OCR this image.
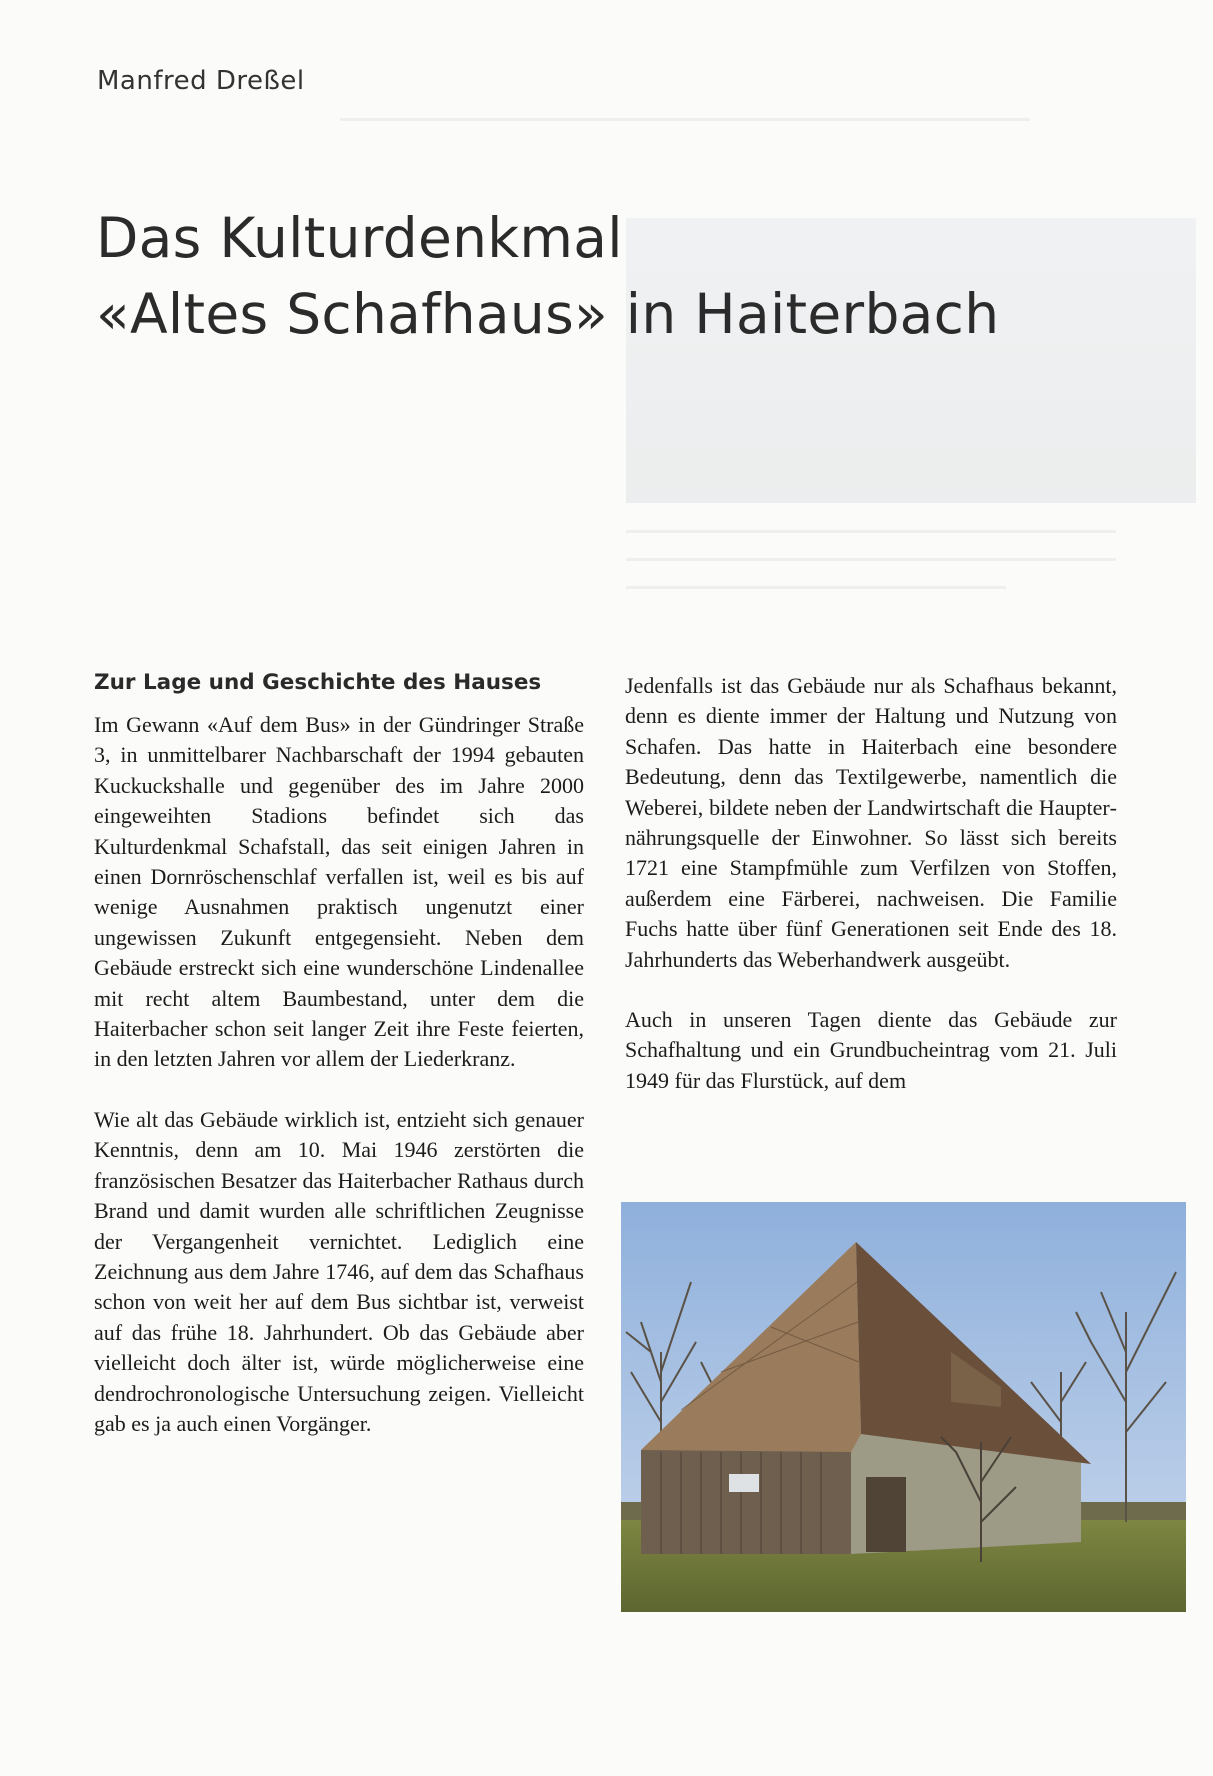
Manfred Dreßel
Das Kulturdenkmal
«Altes Schafhaus» in Haiterbach
Zur Lage und Geschichte des Hauses

Im Gewann «Auf dem Bus» in der Gündringer Straße 3, in unmittelbarer Nachbarschaft der 1994 gebauten Kuckuckshalle und gegenüber des im Jahre 2000 eingeweihten Stadions befindet sich das Kulturdenkmal Schafstall, das seit einigen Jahren in einen Dornröschenschlaf verfallen ist, weil es bis auf wenige Ausnahmen praktisch ungenutzt einer ungewissen Zukunft entgegensieht. Neben dem Gebäude erstreckt sich eine wunderschöne Lindenallee mit recht altem Baumbestand, unter dem die Haiterbacher schon seit langer Zeit ihre Feste feierten, in den letzten Jahren vor allem der Liederkranz.

Wie alt das Gebäude wirklich ist, entzieht sich genauer Kenntnis, denn am 10. Mai 1946 zerstörten die französischen Besatzer das Haiterbacher Rathaus durch Brand und damit wurden alle schriftlichen Zeugnisse der Vergangenheit vernichtet. Lediglich eine Zeichnung aus dem Jahre 1746, auf dem das Schafhaus schon von weit her auf dem Bus sichtbar ist, verweist auf das frühe 18. Jahrhundert. Ob das Gebäude aber vielleicht doch älter ist, würde möglicherweise eine dendrochronologische Untersuchung zeigen. Vielleicht gab es ja auch einen Vorgänger.

Jedenfalls ist das Gebäude nur als Schafhaus bekannt, denn es diente immer der Haltung und Nutzung von Schafen. Das hatte in Haiterbach eine besondere Bedeutung, denn das Textilgewerbe, namentlich die Weberei, bildete neben der Landwirtschaft die Haupternährungsquelle der Einwohner. So lässt sich bereits 1721 eine Stampfmühle zum Verfilzen von Stoffen, außerdem eine Färberei, nachweisen. Die Familie Fuchs hatte über fünf Generationen seit Ende des 18. Jahrhunderts das Weberhandwerk ausgeübt.

Auch in unseren Tagen diente das Gebäude zur Schafhaltung und ein Grundbucheintrag vom 21. Juli 1949 für das Flurstück, auf dem
